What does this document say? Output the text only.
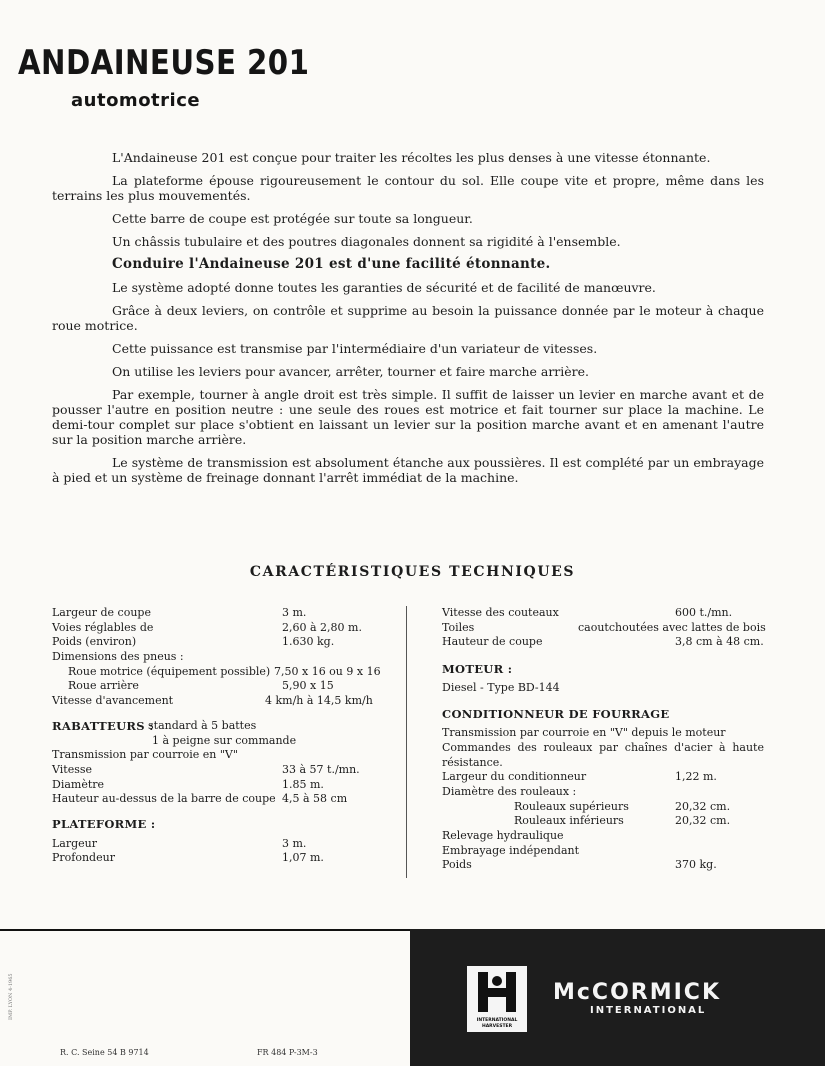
ANDAINEUSE 201
automotrice

L'Andaineuse 201 est conçue pour traiter les récoltes les plus denses à une vitesse étonnante.

La plateforme épouse rigoureusement le contour du sol. Elle coupe vite et propre, même dans les terrains les plus mouvementés.

Cette barre de coupe est protégée sur toute sa longueur.

Un châssis tubulaire et des poutres diagonales donnent sa rigidité à l'ensemble.

Conduire l'Andaineuse 201 est d'une facilité étonnante.

Le système adopté donne toutes les garanties de sécurité et de facilité de manœuvre.

Grâce à deux leviers, on contrôle et supprime au besoin la puissance donnée par le moteur à chaque roue motrice.

Cette puissance est transmise par l'intermédiaire d'un variateur de vitesses.

On utilise les leviers pour avancer, arrêter, tourner et faire marche arrière.

Par exemple, tourner à angle droit est très simple. Il suffit de laisser un levier en marche avant et de pousser l'autre en position neutre : une seule des roues est motrice et fait tourner sur place la machine. Le demi-tour complet sur place s'obtient en laissant un levier sur la position marche avant et en amenant l'autre sur la position marche arrière.

Le système de transmission est absolument étanche aux poussières. Il est complété par un embrayage à pied et un système de freinage donnant l'arrêt immédiat de la machine.

CARACTÉRISTIQUES TECHNIQUES
Largeur de coupe	3 m.
Voies réglables de	2,60 à 2,80 m.
Poids (environ)	1.630 kg.
Dimensions des pneus :
Roue motrice (équipement possible) 7,50 x 16 ou 9 x 16
Roue arrière	5,90 x 15
Vitesse d'avancement	4 km/h à 14,5 km/h
RABATTEURS :
standard à 5 battes
1 à peigne sur commande
Transmission par courroie en "V"
Vitesse	33 à 57 t./mn.
Diamètre	1.85 m.
Hauteur au-dessus de la barre de coupe 4,5 à 58 cm
PLATEFORME :
Largeur	3 m.
Profondeur	1,07 m.
Vitesse des couteaux	600 t./mn.
Toiles	caoutchoutées avec lattes de bois
Hauteur de coupe	3,8 cm à 48 cm.
MOTEUR :
Diesel - Type BD-144
CONDITIONNEUR DE FOURRAGE
Transmission par courroie en "V" depuis le moteur
Commandes des rouleaux par chaînes d'acier à haute résistance.
Largeur du conditionneur	1,22 m.
Diamètre des rouleaux :
Rouleaux supérieurs	20,32 cm.
Rouleaux inférieurs	20,32 cm.
Relevage hydraulique
Embrayage indépendant
Poids	370 kg.
INTERNATIONAL
HARVESTER
McCORMICK
INTERNATIONAL
R. C. Seine 54 B 9714	FR 484 P-3M-3
IMP. LYON 4-1965
